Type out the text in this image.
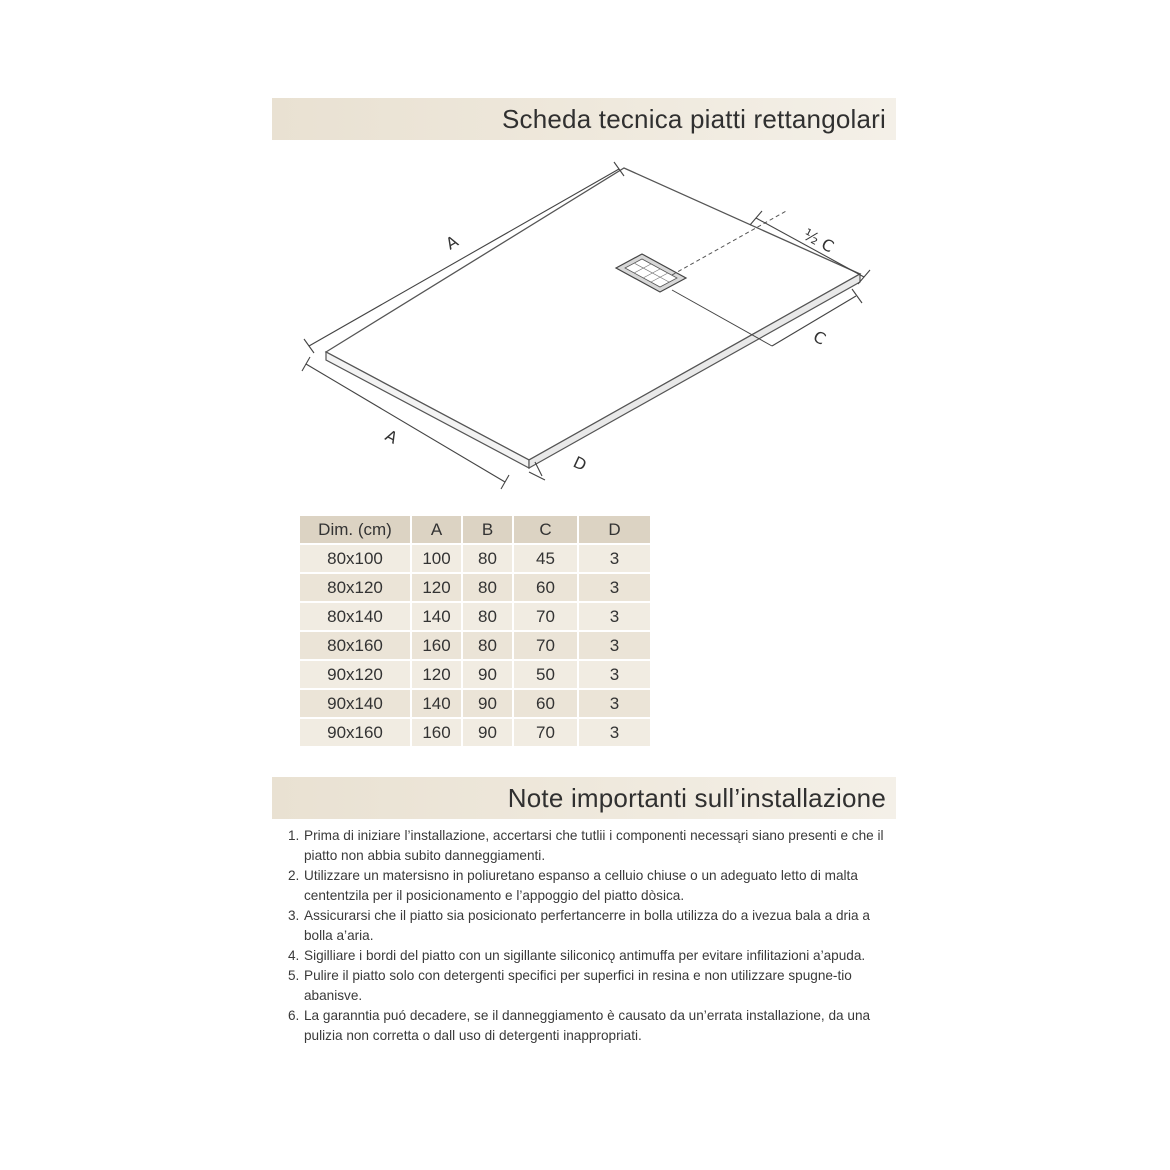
Scheda tecnica piatti rettangolari
A
A
½ C
C
D
Dim. (cm)	A	B	C	D
80x100	100	80	45	3
80x120	120	80	60	3
80x140	140	80	70	3
80x160	160	80	70	3
90x120	120	90	50	3
90x140	140	90	60	3
90x160	160	90	70	3
Note importanti sull’installazione
1. Prima di iniziare l’installazione, accertarsi che tutlii i componenti necessąri siano presenti e che il piatto non abbia subito danneggiamenti.
2. Utilizzare un matersisno in poliuretano espanso a celluio chiuse o un adeguato letto di malta cententzila per il posicionamento e l’appoggio del piatto dòsica.
3. Assicurarsi che il piatto sia posicionato perfertancerre in bolla utilizza do a ivezua bala a dria a bolla a’aria.
4. Sigilliare i bordi del piatto con un sigillante siliconicǫ antimuffa per evitare infilitazioni a’apuda.
5. Pulire il piatto solo con detergenti specifici per superfici in resina e non utilizzare spugne-tio abanisve.
6. La garanntia puó decadere, se il danneggiamento è causato da un’errata installazione, da una pulizia non corretta o dall uso di detergenti inappropriati.
